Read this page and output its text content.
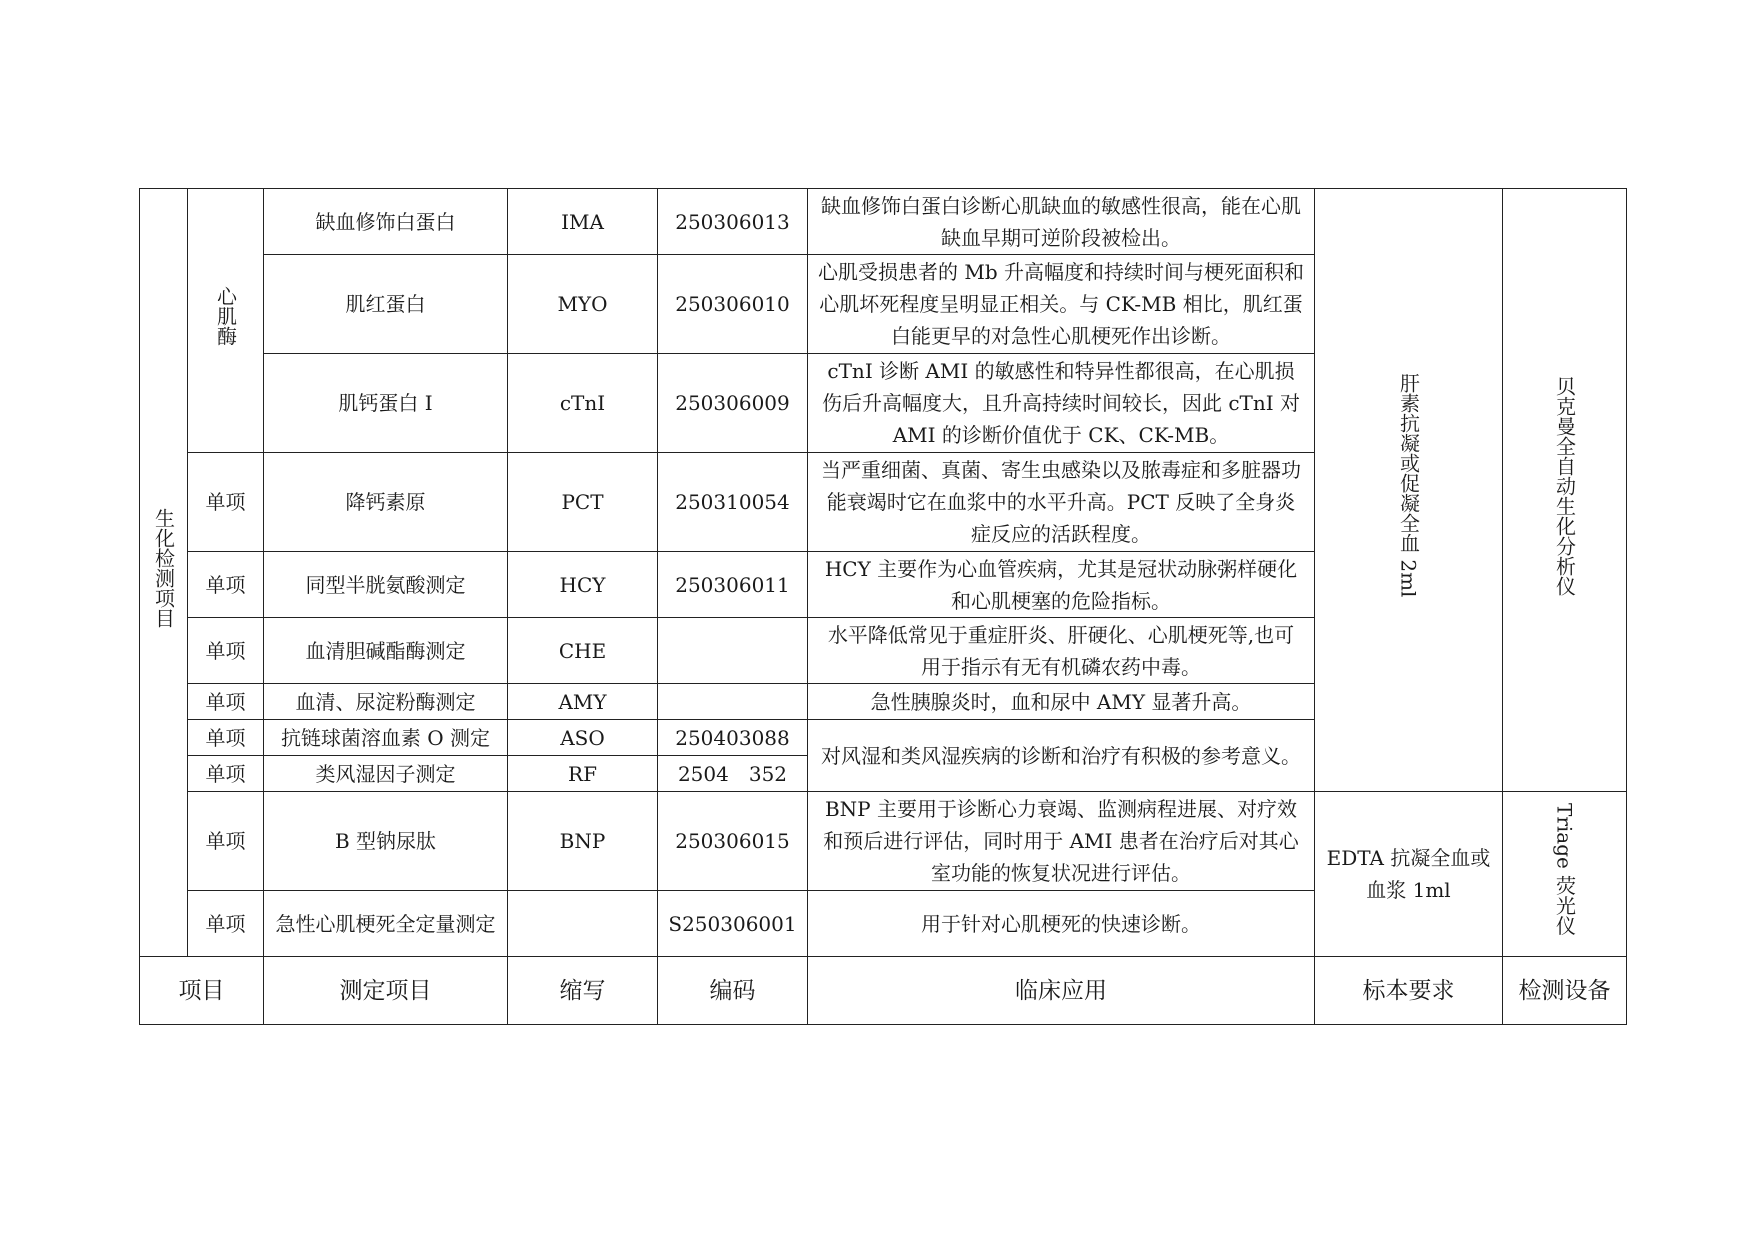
生化检测项目	心肌酶	缺血修饰白蛋白	IMA	250306013	缺血修饰白蛋白诊断心肌缺血的敏感性很高，能在心肌缺血早期可逆阶段被检出。	肝素抗凝或促凝全血 2ml	贝克曼全自动生化分析仪
		肌红蛋白	MYO	250306010	心肌受损患者的 Mb 升高幅度和持续时间与梗死面积和心肌坏死程度呈明显正相关。与 CK-MB 相比，肌红蛋白能更早的对急性心肌梗死作出诊断。		
		肌钙蛋白 I	cTnI	250306009	cTnI 诊断 AMI 的敏感性和特异性都很高，在心肌损伤后升高幅度大，且升高持续时间较长，因此 cTnI 对 AMI 的诊断价值优于 CK、CK-MB。		
	单项	降钙素原	PCT	250310054	当严重细菌、真菌、寄生虫感染以及脓毒症和多脏器功能衰竭时它在血浆中的水平升高。PCT 反映了全身炎症反应的活跃程度。		
	单项	同型半胱氨酸测定	HCY	250306011	HCY 主要作为心血管疾病，尤其是冠状动脉粥样硬化和心肌梗塞的危险指标。		
	单项	血清胆碱酯酶测定	CHE		水平降低常见于重症肝炎、肝硬化、心肌梗死等,也可用于指示有无有机磷农药中毒。		
	单项	血清、尿淀粉酶测定	AMY		急性胰腺炎时，血和尿中 AMY 显著升高。		
	单项	抗链球菌溶血素 O 测定	ASO	250403088	对风湿和类风湿疾病的诊断和治疗有积极的参考意义。		
	单项	类风湿因子测定	RF	2504　352			
	单项	B 型钠尿肽	BNP	250306015	BNP 主要用于诊断心力衰竭、监测病程进展、对疗效和预后进行评估，同时用于 AMI 患者在治疗后对其心室功能的恢复状况进行评估。	EDTA 抗凝全血或血浆 1ml	Triage 荧光仪
	单项	急性心肌梗死全定量测定		S250306001	用于针对心肌梗死的快速诊断。		
项目		测定项目	缩写	编码	临床应用	标本要求	检测设备
